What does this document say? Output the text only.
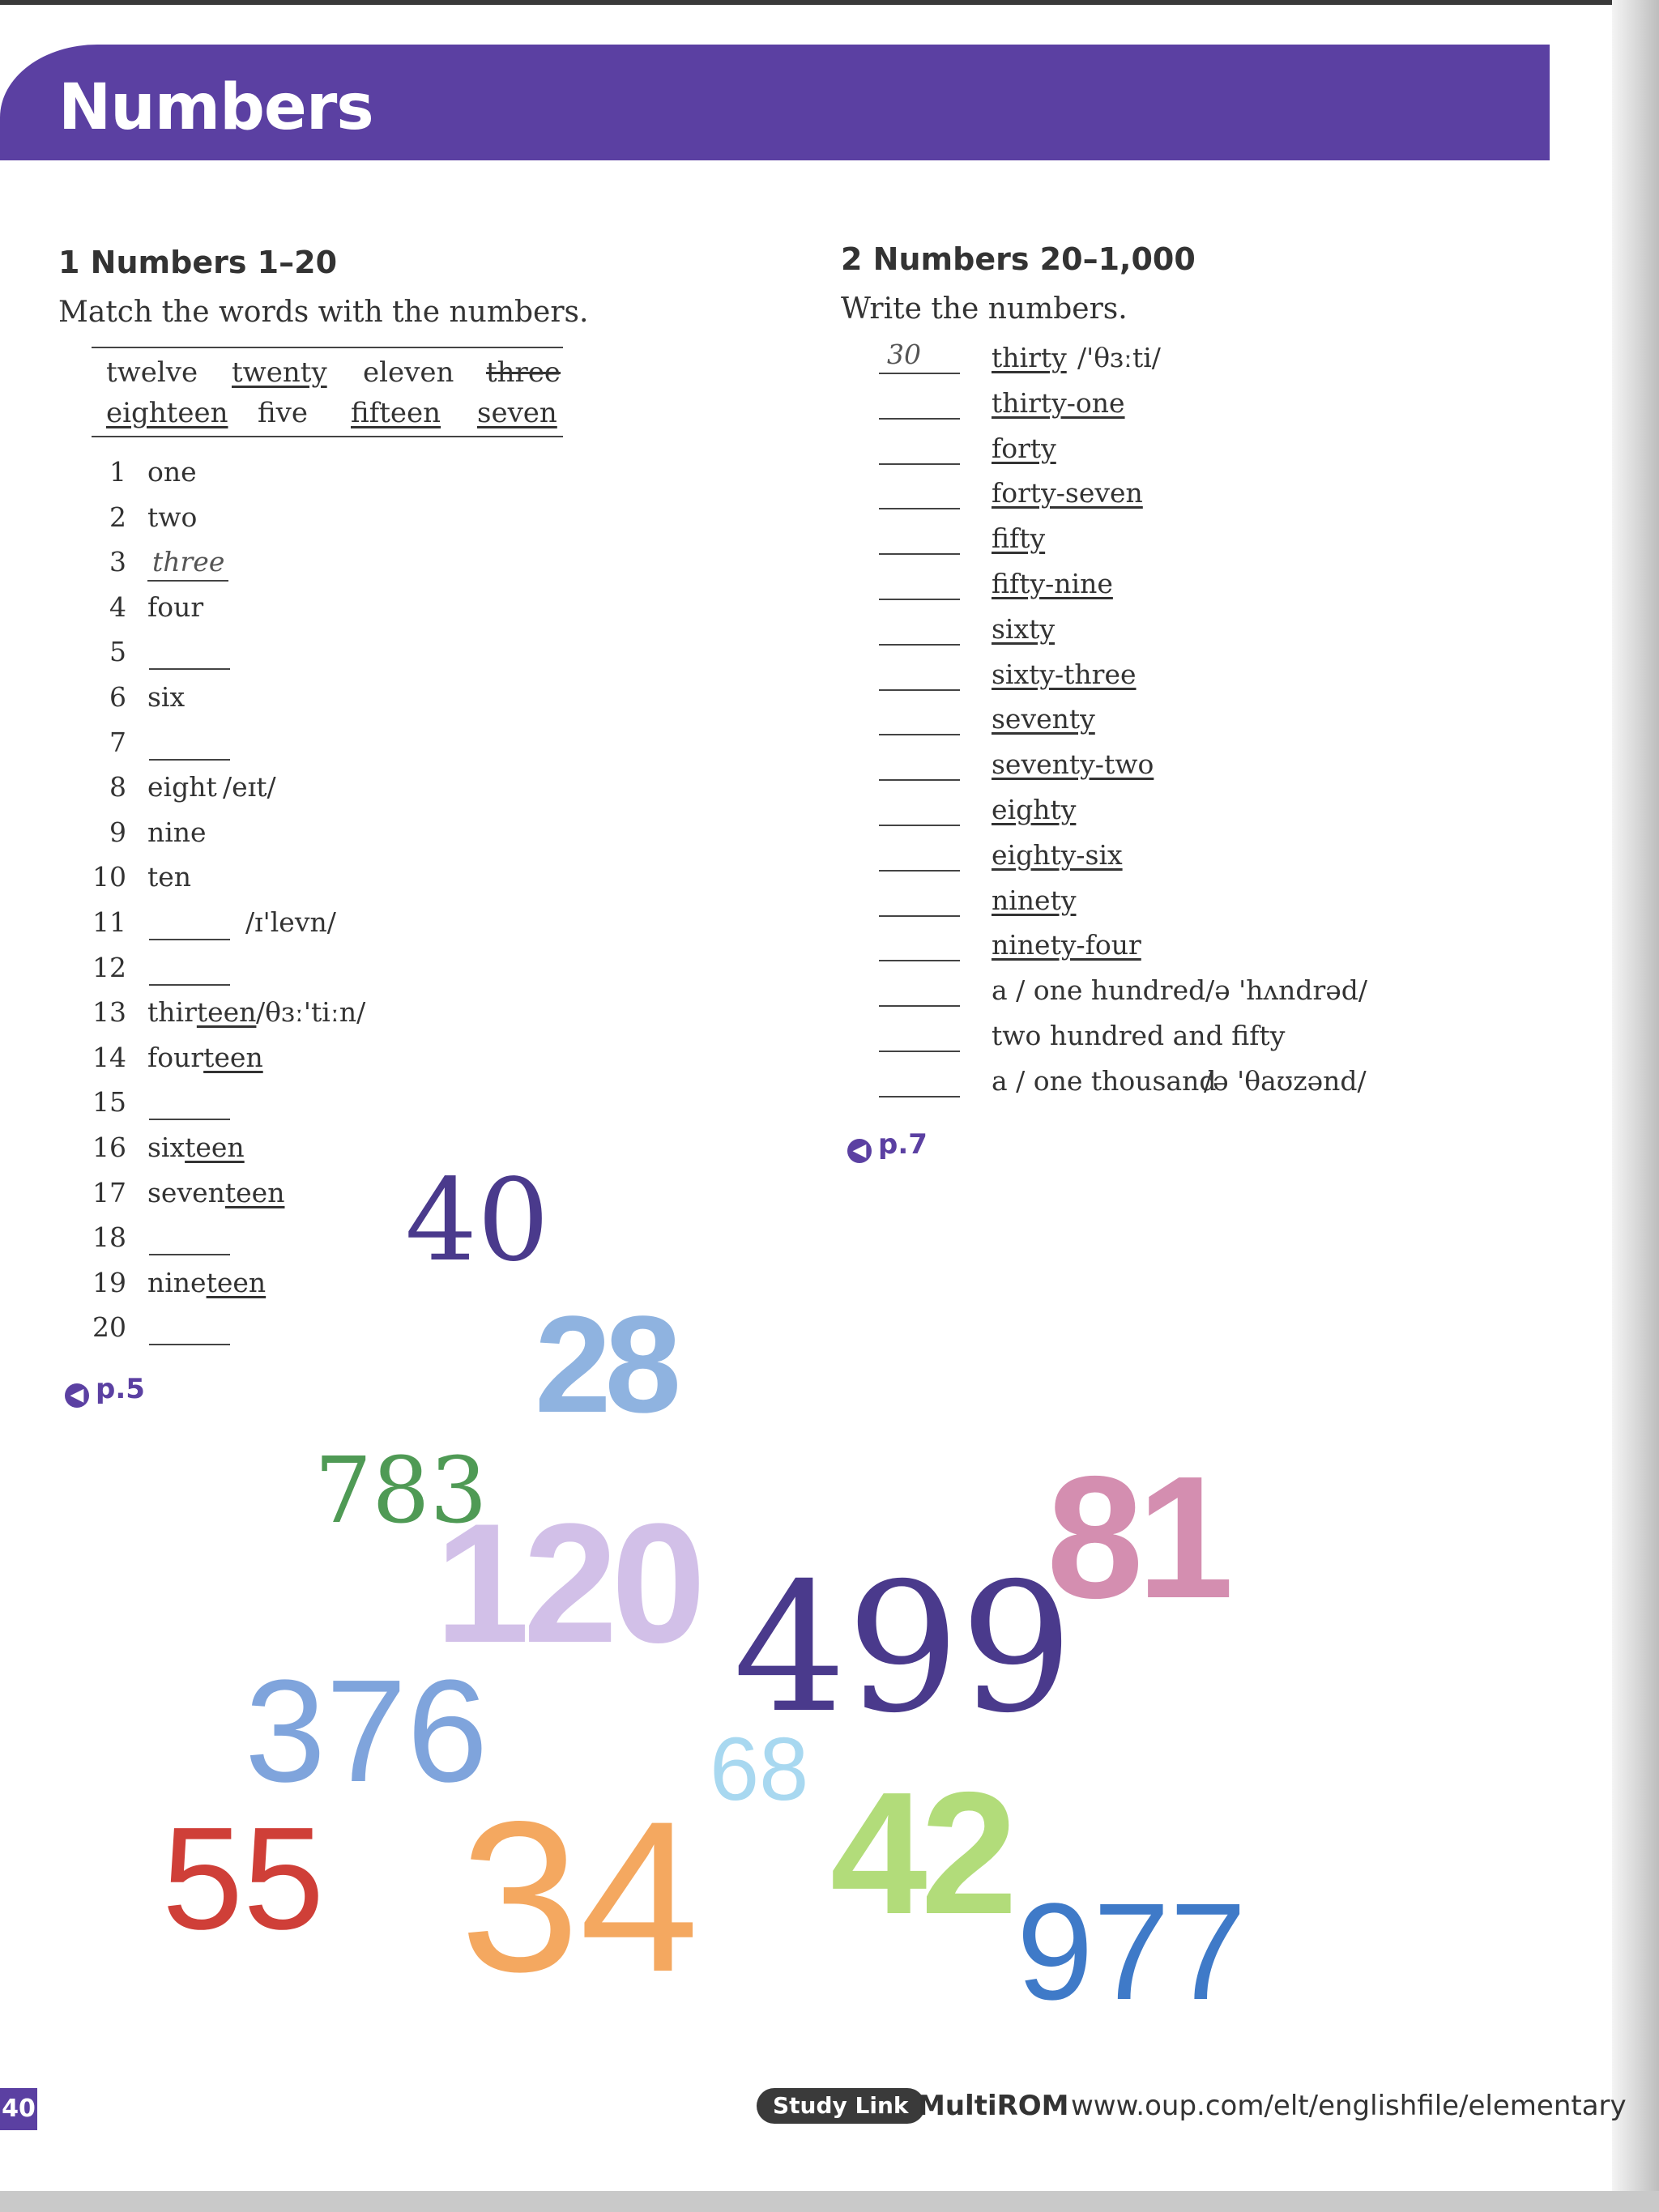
Numbers
1 Numbers 1–20
Match the words with the numbers.
twelve twenty eleven three
eighteen five fifteen seven
1 one
2 two
3 three
4 four
5
6 six
7
8 eight /eɪt/
9 nine
10 ten
11	/ɪ'levn/
12
13 thirteen /θɜː'tiːn/
14 fourteen
15
16 sixteen
17 seventeen
18
19 nineteen
20
◀ p.5
2 Numbers 20–1,000
Write the numbers.
30	thirty /'θɜːti/
thirty-one
forty
forty-seven
fifty
fifty-nine
sixty
sixty-three
seventy
seventy-two
eighty
eighty-six
ninety
ninety-four
a / one hundred /ə 'hʌndrəd/
two hundred and fifty
a / one thousand
/ə 'θaʊzənd/
◀ p.7
40
28
783
120 81
499
376 68
55 34 42
977
40	Study Link MultiROM www.oup.com/elt/englishfile/elementary
